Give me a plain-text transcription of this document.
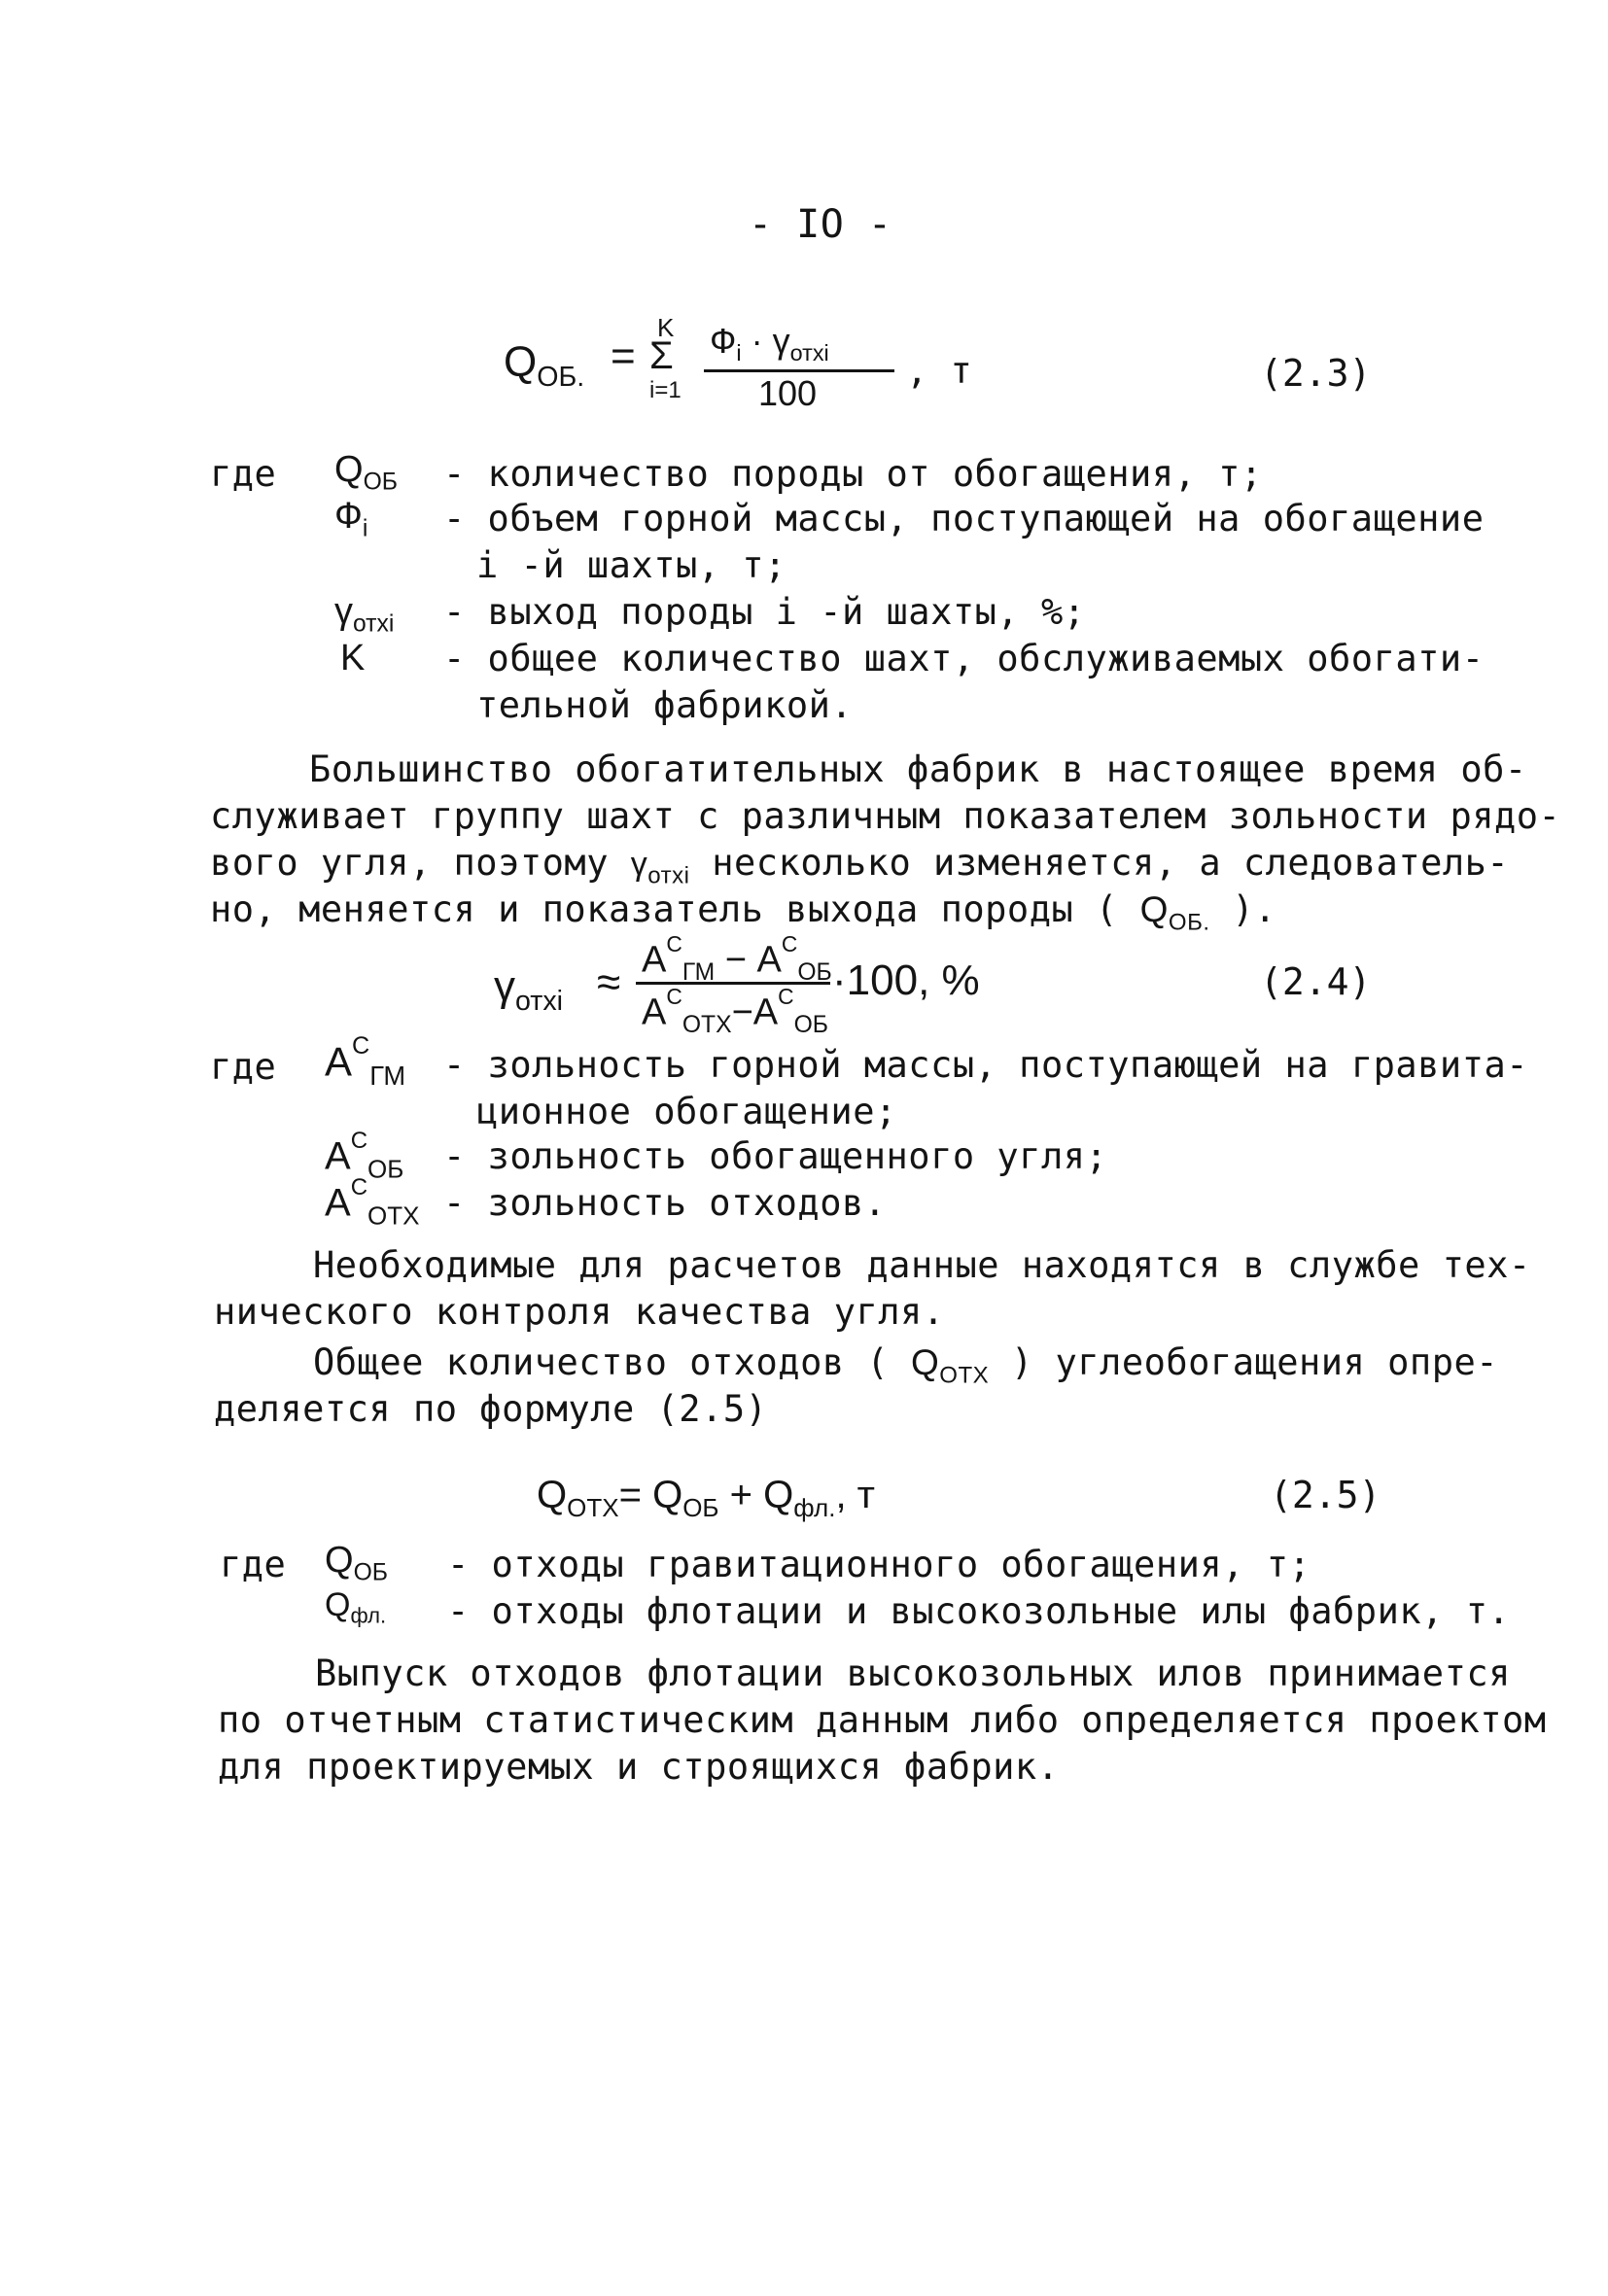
- IO -
$Q_{ОБ.}$ =
K
Σ
i=1
$Ф_i \cdot \gamma_{отхi}$
100
, т	(2.3)
где $Q_{ОБ}$ - количество породы от обогащения, т;
$Ф_i$ - объем горной массы, поступающей на обогащение
i -й шахты, т;
$\gamma_{отхi}$ - выход породы i -й шахты, %;
K - общее количество шахт, обслуживаемых обогати-
тельной фабрикой.
Большинство обогатительных фабрик в настоящее время об-
служивает группу шахт с различным показателем зольности рядо-
вого угля, поэтому $\gamma_{отхi}$ несколько изменяется, а следователь-
но, меняется и показатель выхода породы ( $Q_{ОБ.}$ ).
$\gamma_{отхi} \approx A^С_{ГМ} - A^С_{ОБ}$
$A^С_{ОТХ}-A^С_{ОБ}$
·100, %	(2.4)
где $A^С_{ГМ}$ - зольность горной массы, поступающей на гравита-
ционное обогащение;
$A^С_{ОБ}$ - зольность обогащенного угля;
$A^С_{ОТХ}$ - зольность отходов.
Необходимые для расчетов данные находятся в службе тех-
нического контроля качества угля.
Общее количество отходов ( $Q_{ОТХ}$ ) углеобогащения опре-
деляется по формуле (2.5)
$Q_{ОТХ}= Q_{ОБ} + Q_{фл.}$, т	(2.5)
где $Q_{ОБ}$ - отходы гравитационного обогащения, т;
$Q_{фл.}$ - отходы флотации и высокозольные илы фабрик, т.
Выпуск отходов флотации высокозольных илов принимается
по отчетным статистическим данным либо определяется проектом
для проектируемых и строящихся фабрик.
